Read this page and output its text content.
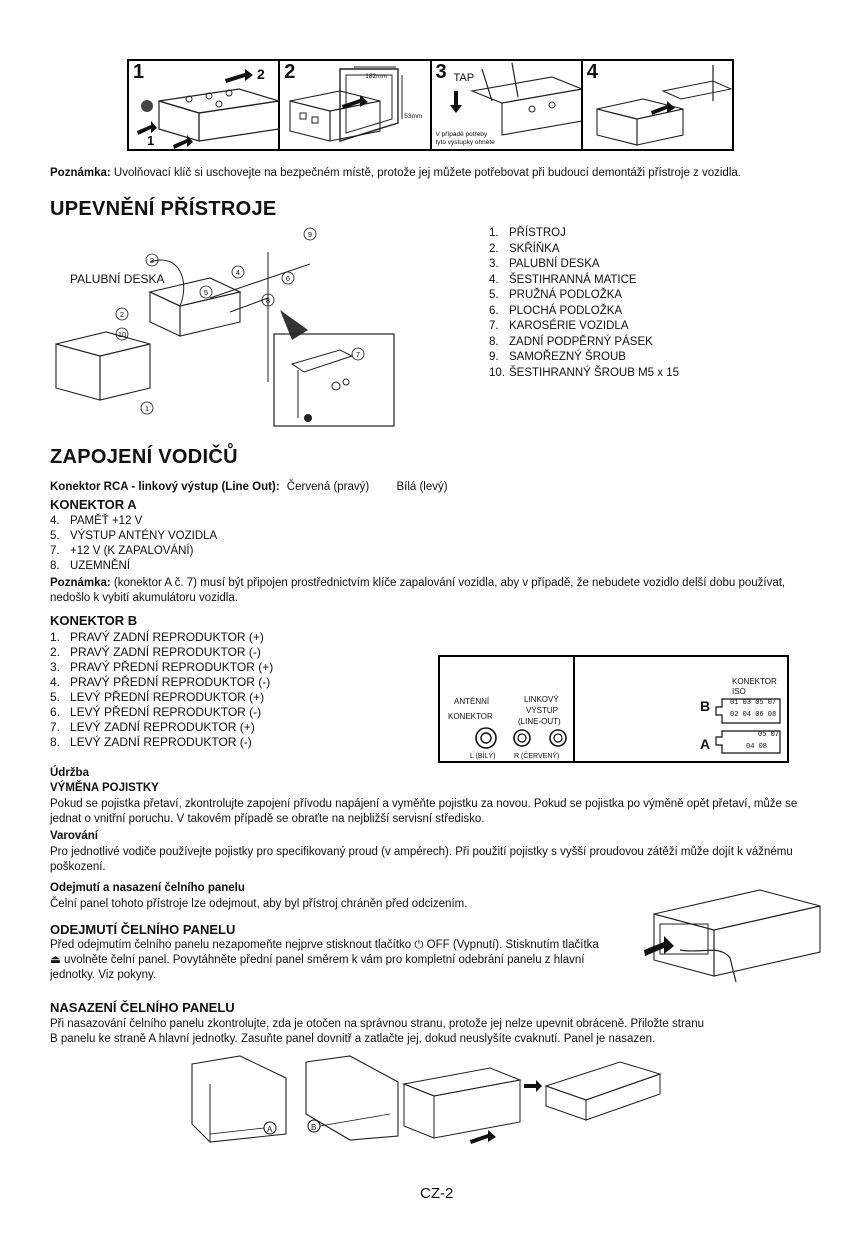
1	2
1
2	182mm
53mm
3 TAP
V případě potřeby
tyto výstupky ohněte
4
Poznámka: Uvolňovací klíč si uschovejte na bezpečném místě, protože jej můžete potřebovat při budoucí demontáži přístroje z vozidla.
UPEVNĚNÍ PŘÍSTROJE
1
2
3
4
5
6
7
8
9
10
PALUBNÍ DESKA
1. PŘÍSTROJ
2. SKŘÍŇKA
3. PALUBNÍ DESKA
4. ŠESTIHRANNÁ MATICE
5. PRUŽNÁ PODLOŽKA
6. PLOCHÁ PODLOŽKA
7. KAROSÉRIE VOZIDLA
8. ZADNÍ PODPĚRNÝ PÁSEK
9. SAMOŘEZNÝ ŠROUB
10. ŠESTIHRANNÝ ŠROUB M5 x 15
ZAPOJENÍ VODIČŮ
Konektor RCA - linkový výstup (Line Out): Červená (pravý) Bílá (levý)
KONEKTOR A
4. PAMĚŤ +12 V
5. VÝSTUP ANTÉNY VOZIDLA
7. +12 V (K ZAPALOVÁNÍ)
8. UZEMNĚNÍ
Poznámka: (konektor A č. 7) musí být připojen prostřednictvím klíče zapalování vozidla, aby v případě, že nebudete vozidlo delší dobu používat, nedošlo k vybití akumulátoru vozidla.
KONEKTOR B
1. PRAVÝ ZADNÍ REPRODUKTOR (+)
2. PRAVÝ ZADNÍ REPRODUKTOR (-)
3. PRAVÝ PŘEDNÍ REPRODUKTOR (+)
4. PRAVÝ PŘEDNÍ REPRODUKTOR (-)
5. LEVÝ PŘEDNÍ REPRODUKTOR (+)
6. LEVÝ PŘEDNÍ REPRODUKTOR (-)
7. LEVÝ ZADNÍ REPRODUKTOR (+)
8. LEVÝ ZADNÍ REPRODUKTOR (-)
ANTÉNNÍ
KONEKTOR
LINKOVÝ
VÝSTUP
(LINE-OUT)
L (BÍLÝ)	R (ČERVENÝ)
KONEKTOR ISO
B
A
01 03 05 07
02 04 06 08
05 07
04 08
Údržba
VÝMĚNA POJISTKY
Pokud se pojistka přetaví, zkontrolujte zapojení přívodu napájení a vyměňte pojistku za novou. Pokud se pojistka po výměně opět přetaví, může se jednat o vnitřní poruchu. V takovém případě se obraťte na nejbližší servisní středisko.
Varování
Pro jednotlivé vodiče používejte pojistky pro specifikovaný proud (v ampérech). Při použití pojistky s vyšší proudovou zátěží může dojít k vážnému poškození.
Odejmutí a nasazení čelního panelu
Čelní panel tohoto přístroje lze odejmout, aby byl přístroj chráněn před odcizením.
ODEJMUTÍ ČELNÍHO PANELU
Před odejmutím čelního panelu nezapomeňte nejprve stisknout tlačítko ⏻ OFF (Vypnutí). Stisknutím tlačítka
⏏ uvolněte čelní panel. Povytáhněte přední panel směrem k vám pro kompletní odebrání panelu z hlavní
jednotky. Viz pokyny.
NASAZENÍ ČELNÍHO PANELU
Při nasazování čelního panelu zkontrolujte, zda je otočen na správnou stranu, protože jej nelze upevnit obráceně. Přiložte stranu
B panelu ke straně A hlavní jednotky. Zasuňte panel dovnitř a zatlačte jej, dokud neuslyšíte cvaknutí. Panel je nasazen.
A	B
CZ-2
